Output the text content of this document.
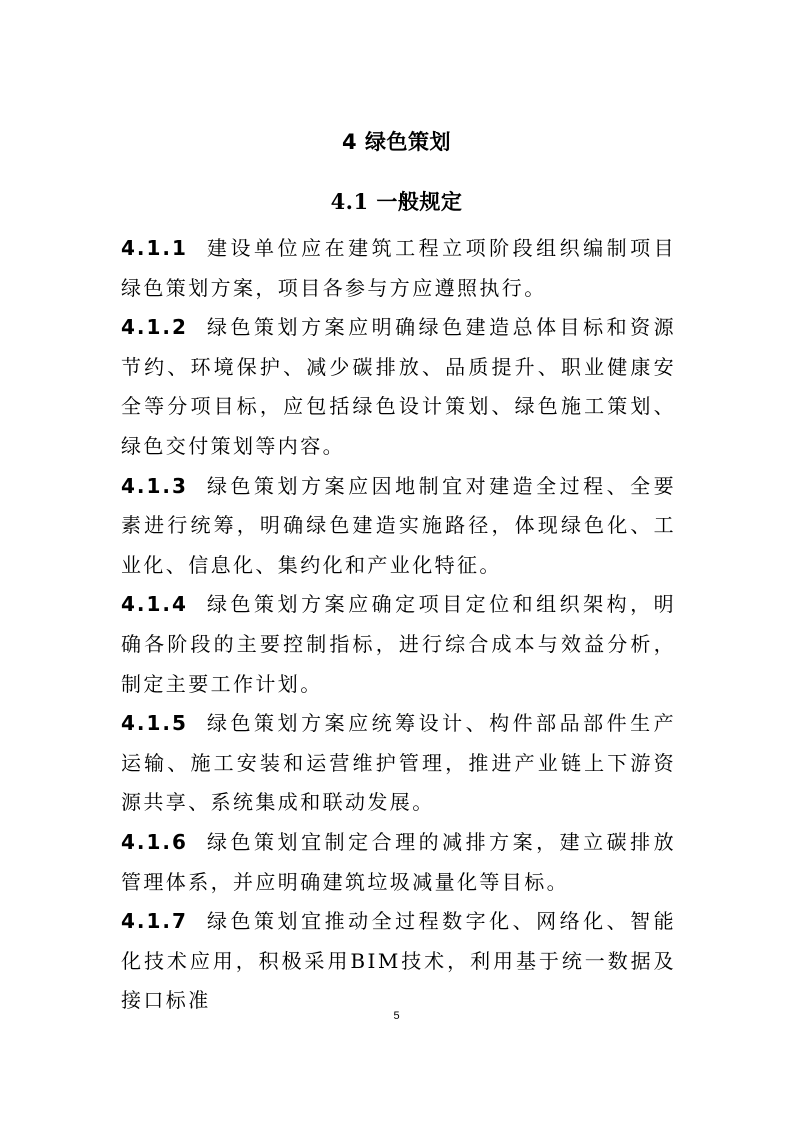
4 绿色策划
4.1 一般规定

4.1.1 建设单位应在建筑工程立项阶段组织编制项目绿色策划方案，项目各参与方应遵照执行。

4.1.2 绿色策划方案应明确绿色建造总体目标和资源节约、环境保护、减少碳排放、品质提升、职业健康安全等分项目标，应包括绿色设计策划、绿色施工策划、绿色交付策划等内容。

4.1.3 绿色策划方案应因地制宜对建造全过程、全要素进行统筹，明确绿色建造实施路径，体现绿色化、工业化、信息化、集约化和产业化特征。

4.1.4 绿色策划方案应确定项目定位和组织架构，明确各阶段的主要控制指标，进行综合成本与效益分析，制定主要工作计划。

4.1.5 绿色策划方案应统筹设计、构件部品部件生产运输、施工安装和运营维护管理，推进产业链上下游资源共享、系统集成和联动发展。

4.1.6 绿色策划宜制定合理的减排方案，建立碳排放管理体系，并应明确建筑垃圾减量化等目标。

4.1.7 绿色策划宜推动全过程数字化、网络化、智能化技术应用，积极采用BIM技术，利用基于统一数据及接口标准

5
